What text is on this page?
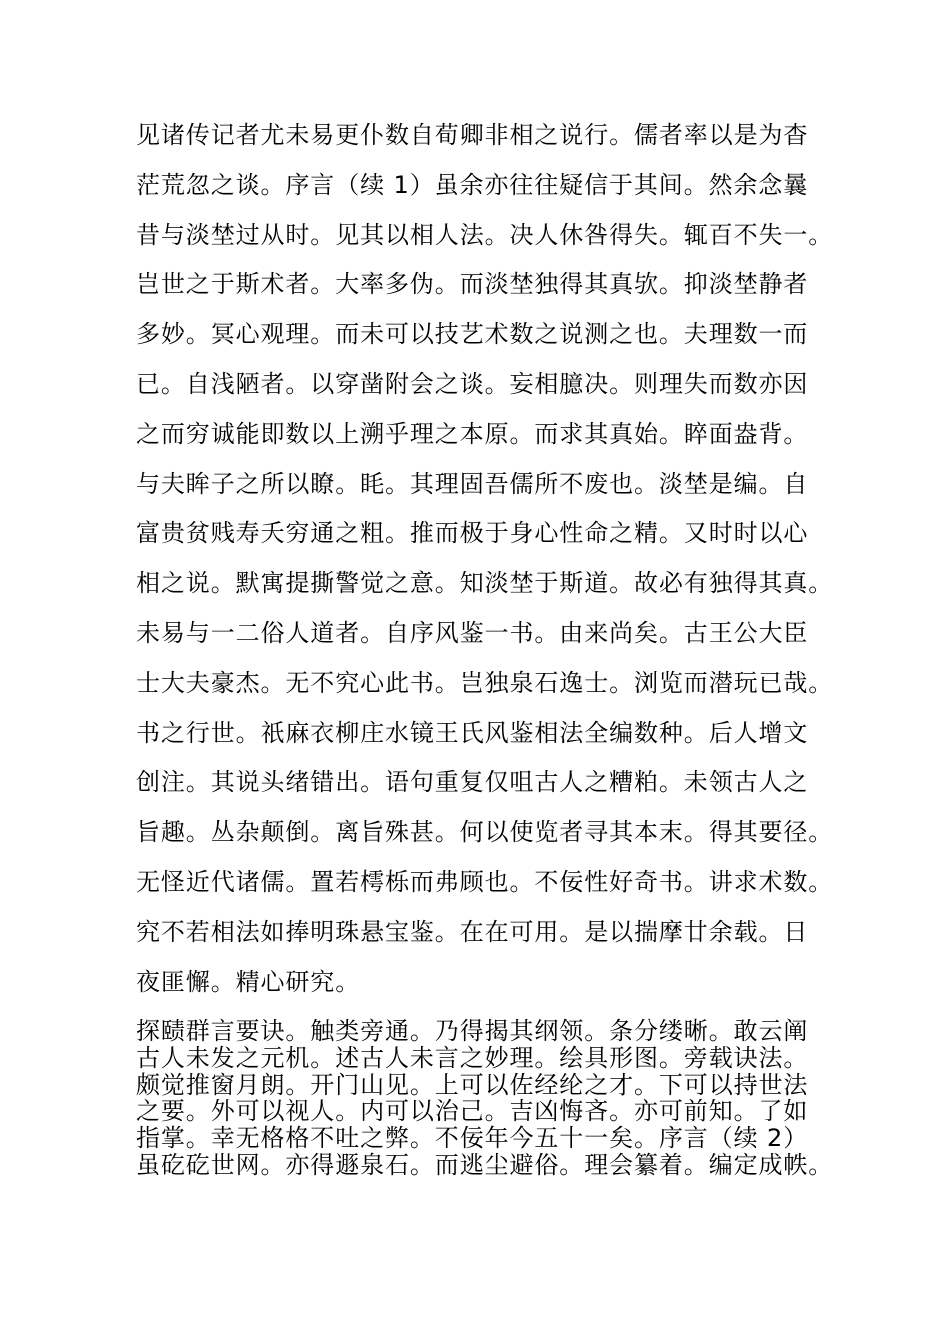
见诸传记者尤未易更仆数自荀卿非相之说行。儒者率以是为杳
茫荒忽之谈。序言（续 1）虽余亦往往疑信于其间。然余念曩
昔与淡埜过从时。见其以相人法。决人休咎得失。辄百不失一。
岂世之于斯术者。大率多伪。而淡埜独得其真欤。抑淡埜静者
多妙。冥心观理。而未可以技艺术数之说测之也。夫理数一而
已。自浅陋者。以穿凿附会之谈。妄相臆决。则理失而数亦因
之而穷诚能即数以上溯乎理之本原。而求其真始。睟面盎背。
与夫眸子之所以瞭。眊。其理固吾儒所不废也。淡埜是编。自
富贵贫贱寿夭穷通之粗。推而极于身心性命之精。又时时以心
相之说。默寓提撕警觉之意。知淡埜于斯道。故必有独得其真。
未易与一二俗人道者。自序风鉴一书。由来尚矣。古王公大臣
士大夫豪杰。无不究心此书。岂独泉石逸士。浏览而潜玩已哉。
书之行世。祇麻衣柳庄水镜王氏风鉴相法全编数种。后人增文
创注。其说头绪错出。语句重复仅咀古人之糟粕。未领古人之
旨趣。丛杂颠倒。离旨殊甚。何以使览者寻其本末。得其要径。
无怪近代诸儒。置若樗栎而弗顾也。不佞性好奇书。讲求术数。
究不若相法如捧明珠悬宝鉴。在在可用。是以揣摩廿余载。日
夜匪懈。精心研究。
探赜群言要诀。触类旁通。乃得揭其纲领。条分缕晰。敢云阐
古人未发之元机。述古人未言之妙理。绘具形图。旁载诀法。
颇觉推窗月朗。开门山见。上可以佐经纶之才。下可以持世法
之要。外可以视人。内可以治己。吉凶悔吝。亦可前知。了如
指掌。幸无格格不吐之弊。不佞年今五十一矣。序言（续 2）
虽矻矻世网。亦得遯泉石。而逃尘避俗。理会纂着。编定成帙。
